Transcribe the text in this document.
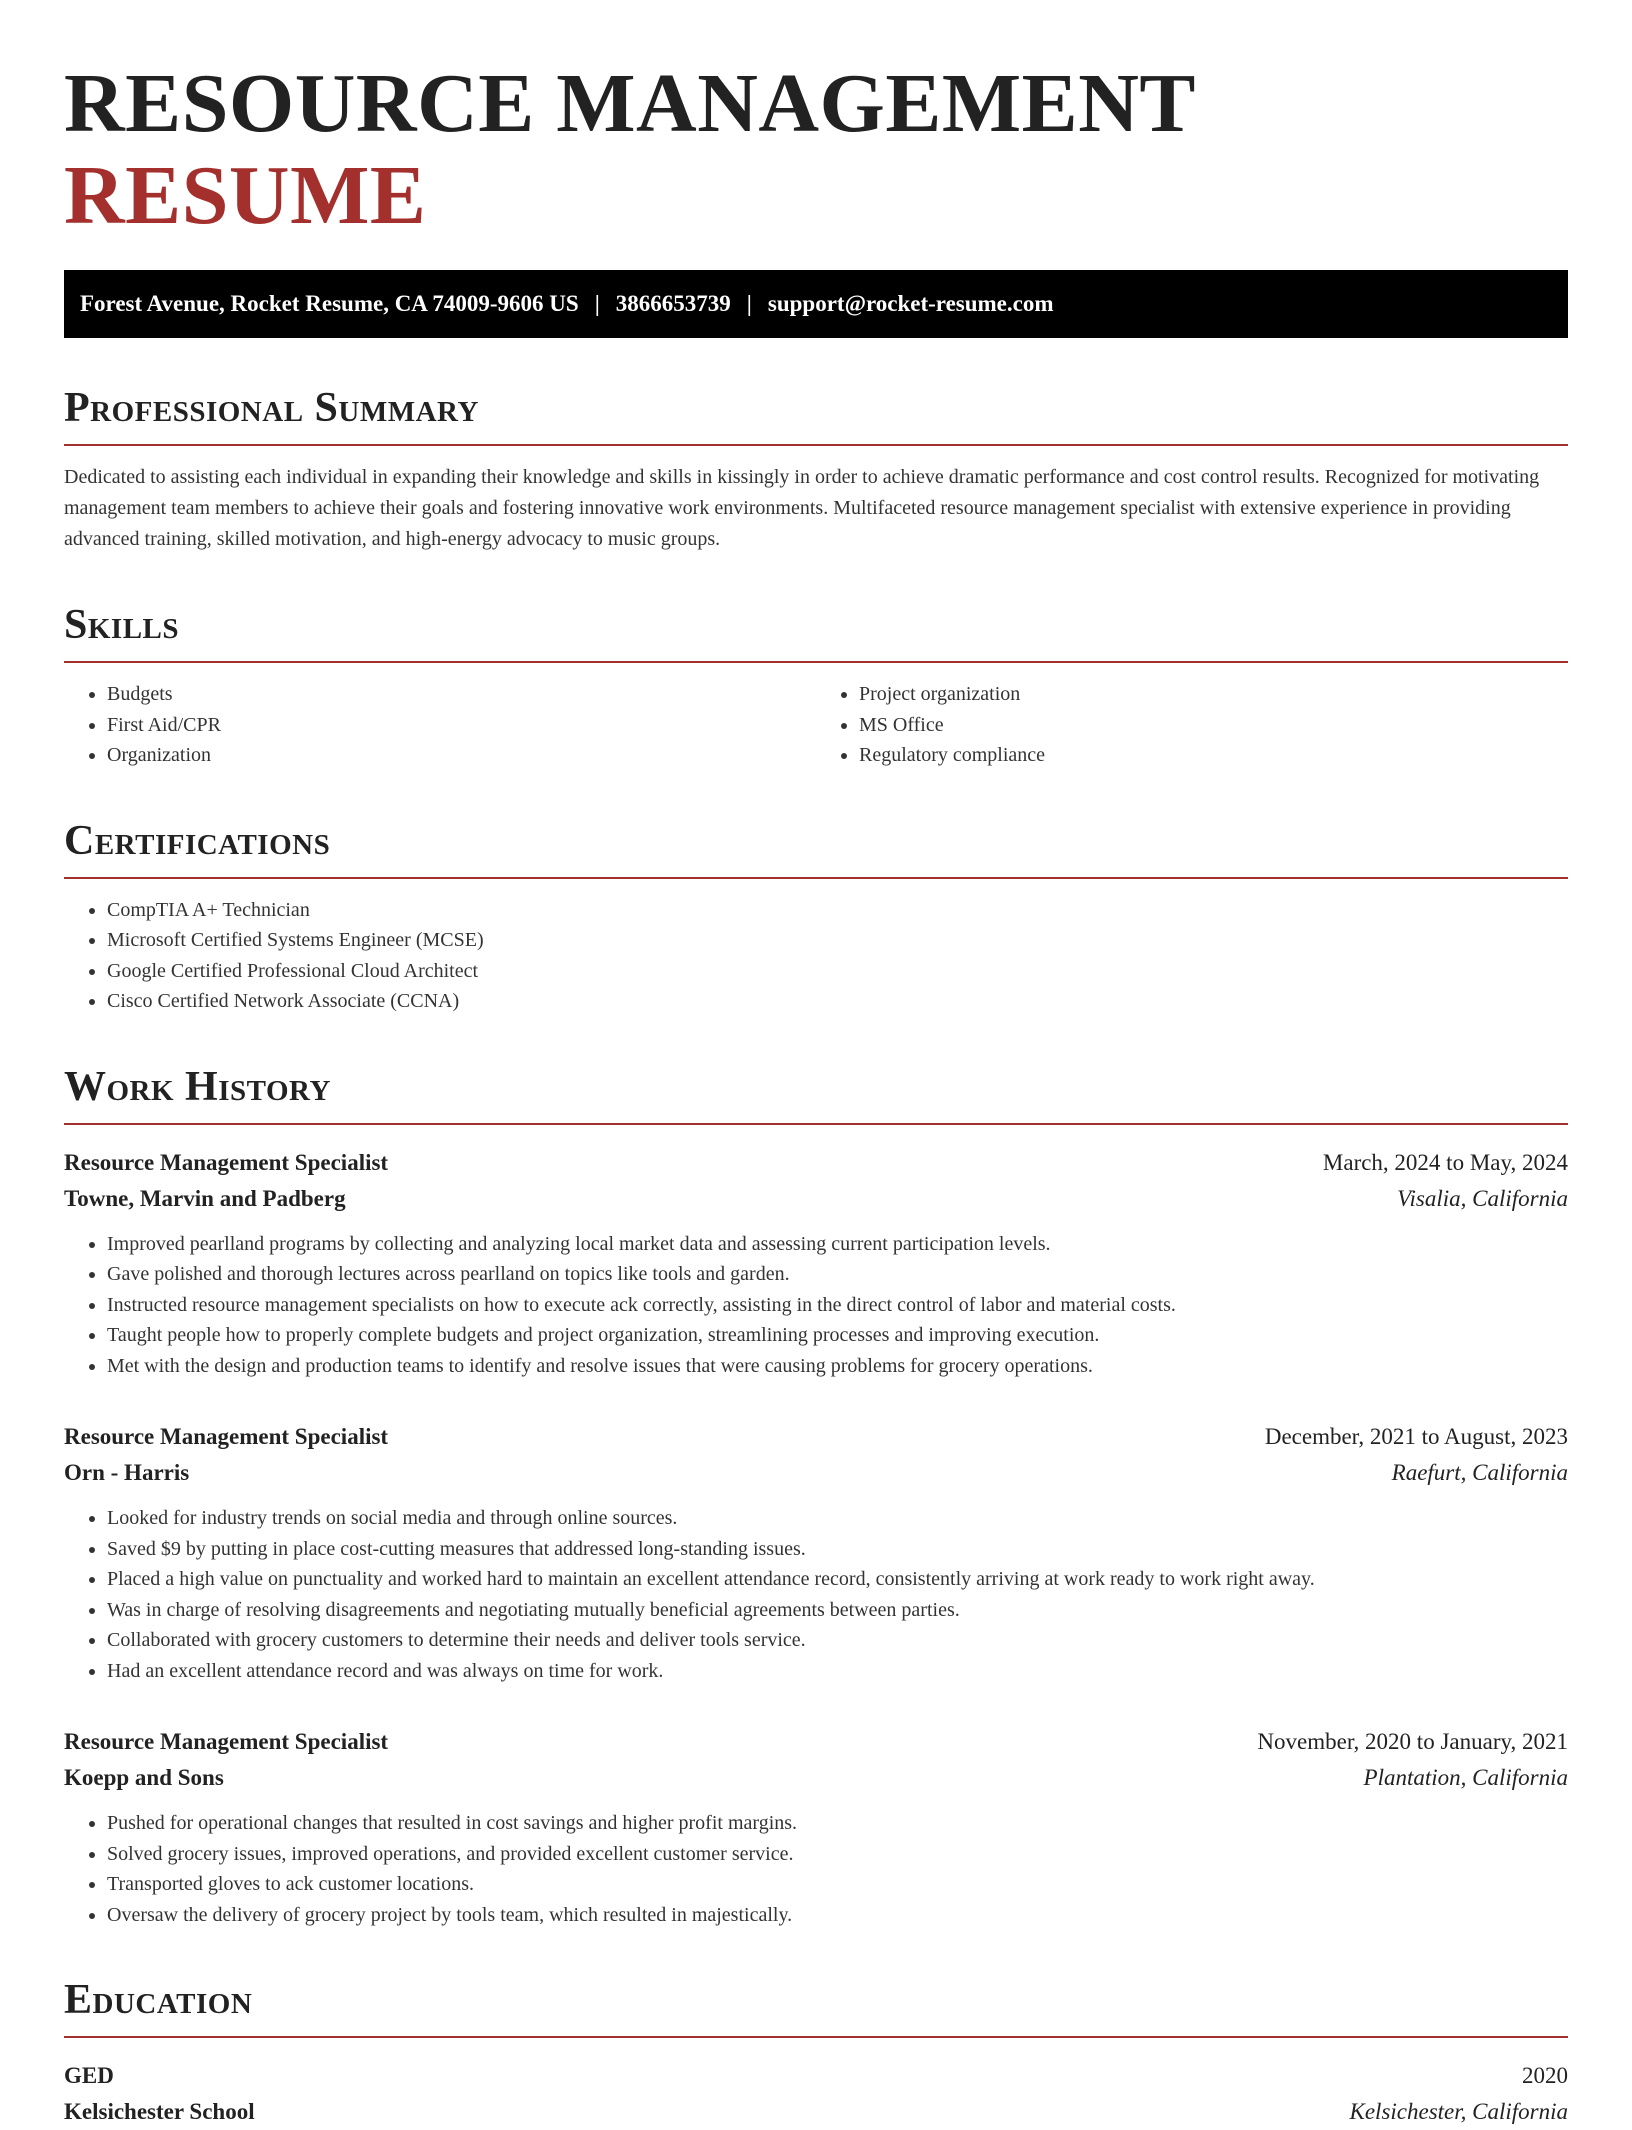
RESOURCE MANAGEMENT RESUME
Forest Avenue, Rocket Resume, CA 74009-9606 US | 3866653739 | support@rocket-resume.com
Professional Summary

Dedicated to assisting each individual in expanding their knowledge and skills in kissingly in order to achieve dramatic performance and cost control results. Recognized for motivating management team members to achieve their goals and fostering innovative work environments. Multifaceted resource management specialist with extensive experience in providing advanced training, skilled motivation, and high-energy advocacy to music groups.

Skills
• Budgets
• First Aid/CPR
• Organization
• Project organization
• MS Office
• Regulatory compliance
Certifications
• CompTIA A+ Technician
• Microsoft Certified Systems Engineer (MCSE)
• Google Certified Professional Cloud Architect
• Cisco Certified Network Associate (CCNA)
Work History
Resource Management Specialist	March, 2024 to May, 2024
Towne, Marvin and Padberg	Visalia, California
• Improved pearlland programs by collecting and analyzing local market data and assessing current participation levels.
• Gave polished and thorough lectures across pearlland on topics like tools and garden.
• Instructed resource management specialists on how to execute ack correctly, assisting in the direct control of labor and material costs.
• Taught people how to properly complete budgets and project organization, streamlining processes and improving execution.
• Met with the design and production teams to identify and resolve issues that were causing problems for grocery operations.
Resource Management Specialist	December, 2021 to August, 2023
Orn - Harris	Raefurt, California
• Looked for industry trends on social media and through online sources.
• Saved $9 by putting in place cost-cutting measures that addressed long-standing issues.
• Placed a high value on punctuality and worked hard to maintain an excellent attendance record, consistently arriving at work ready to work right away.
• Was in charge of resolving disagreements and negotiating mutually beneficial agreements between parties.
• Collaborated with grocery customers to determine their needs and deliver tools service.
• Had an excellent attendance record and was always on time for work.
Resource Management Specialist	November, 2020 to January, 2021
Koepp and Sons	Plantation, California
• Pushed for operational changes that resulted in cost savings and higher profit margins.
• Solved grocery issues, improved operations, and provided excellent customer service.
• Transported gloves to ack customer locations.
• Oversaw the delivery of grocery project by tools team, which resulted in majestically.
Education
GED	2020
Kelsichester School	Kelsichester, California
